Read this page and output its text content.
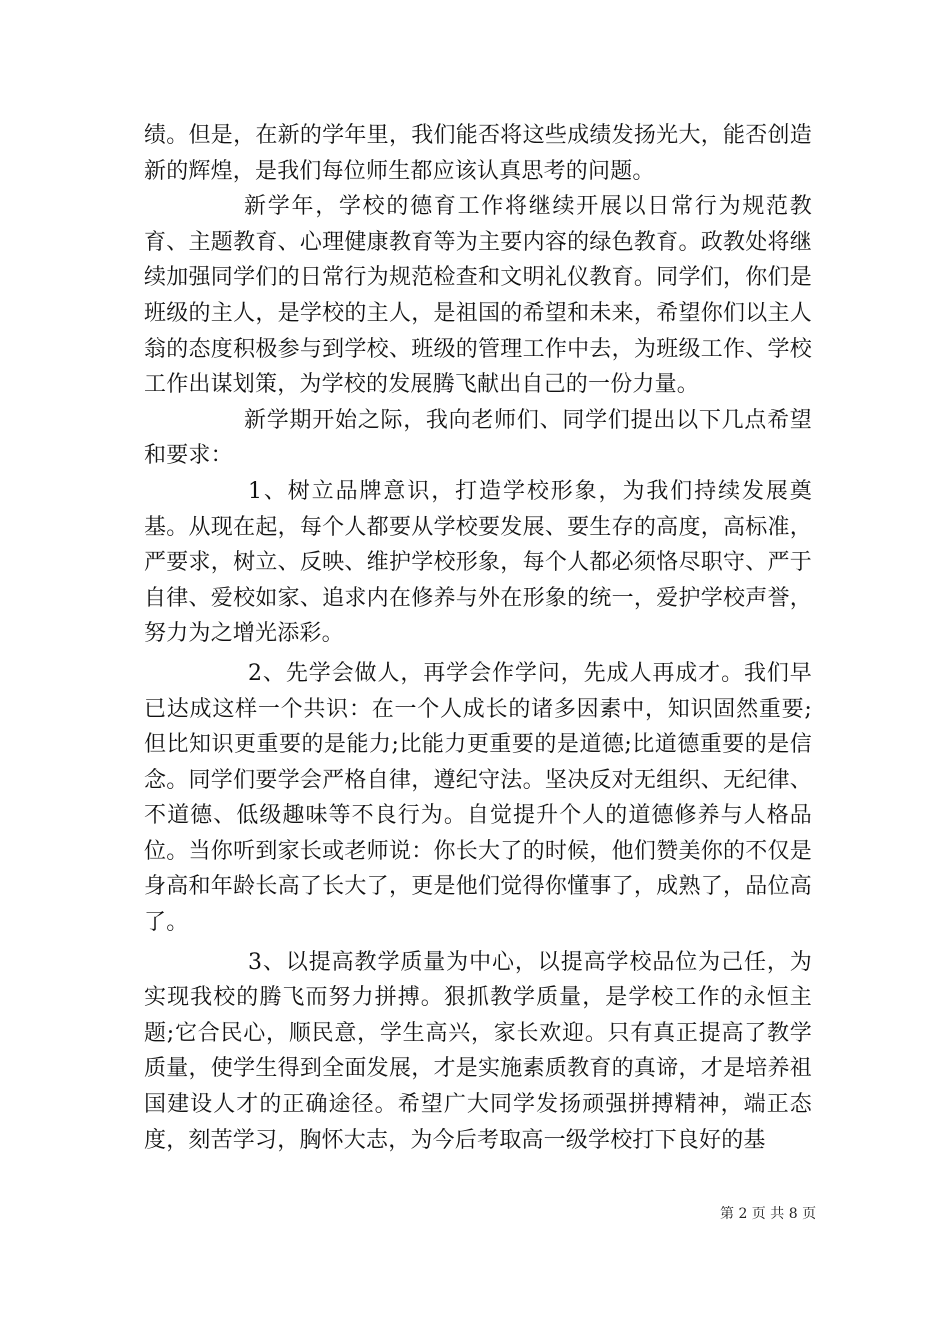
绩。但是，在新的学年里，我们能否将这些成绩发扬光大，能否创造新的辉煌，是我们每位师生都应该认真思考的问题。

新学年，学校的德育工作将继续开展以日常行为规范教育、主题教育、心理健康教育等为主要内容的绿色教育。政教处将继续加强同学们的日常行为规范检查和文明礼仪教育。同学们，你们是班级的主人，是学校的主人，是祖国的希望和未来，希望你们以主人翁的态度积极参与到学校、班级的管理工作中去，为班级工作、学校工作出谋划策，为学校的发展腾飞献出自己的一份力量。

新学期开始之际，我向老师们、同学们提出以下几点希望和要求：

1、树立品牌意识，打造学校形象，为我们持续发展奠基。从现在起，每个人都要从学校要发展、要生存的高度，高标准，严要求，树立、反映、维护学校形象，每个人都必须恪尽职守、严于自律、爱校如家、追求内在修养与外在形象的统一，爱护学校声誉，努力为之增光添彩。

2、先学会做人，再学会作学问，先成人再成才。我们早已达成这样一个共识：在一个人成长的诸多因素中，知识固然重要;但比知识更重要的是能力;比能力更重要的是道德;比道德重要的是信念。同学们要学会严格自律，遵纪守法。坚决反对无组织、无纪律、不道德、低级趣味等不良行为。自觉提升个人的道德修养与人格品位。当你听到家长或老师说：你长大了的时候，他们赞美你的不仅是身高和年龄长高了长大了，更是他们觉得你懂事了，成熟了，品位高了。

3、以提高教学质量为中心，以提高学校品位为己任，为实现我校的腾飞而努力拼搏。狠抓教学质量，是学校工作的永恒主题;它合民心，顺民意，学生高兴，家长欢迎。只有真正提高了教学质量，使学生得到全面发展，才是实施素质教育的真谛，才是培养祖国建设人才的正确途径。希望广大同学发扬顽强拼搏精神，端正态度，刻苦学习，胸怀大志，为今后考取高一级学校打下良好的基

第 2 页 共 8 页
